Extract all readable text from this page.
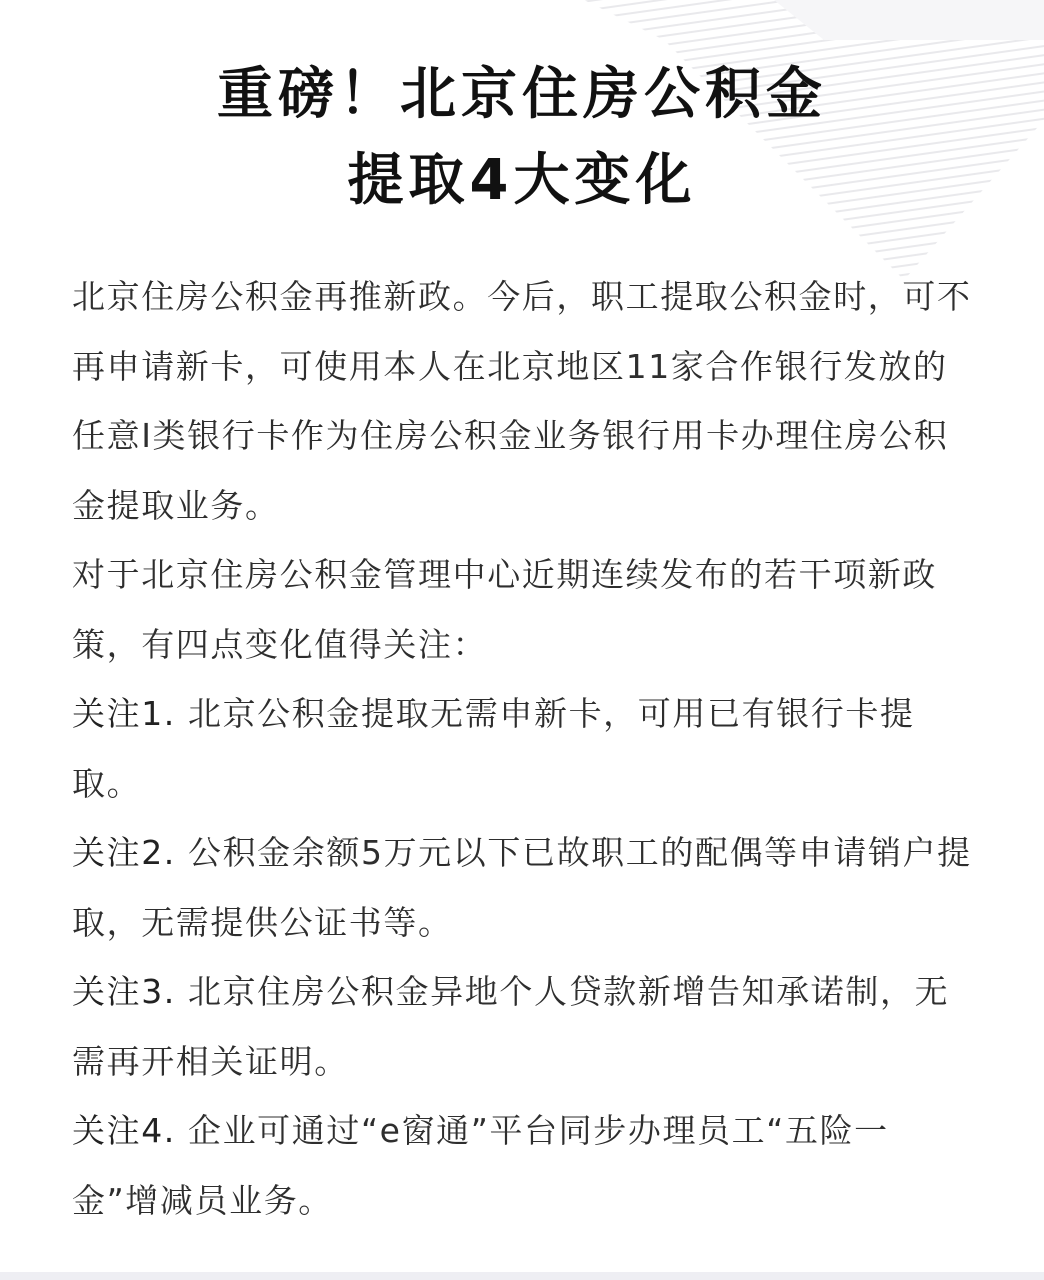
重磅！北京住房公积金
提取4大变化

北京住房公积金再推新政。今后，职工提取公积金时，可不再申请新卡，可使用本人在北京地区11家合作银行发放的任意Ⅰ类银行卡作为住房公积金业务银行用卡办理住房公积金提取业务。

对于北京住房公积金管理中心近期连续发布的若干项新政策，有四点变化值得关注：

关注1. 北京公积金提取无需申新卡，可用已有银行卡提取。

关注2. 公积金余额5万元以下已故职工的配偶等申请销户提取，无需提供公证书等。

关注3. 北京住房公积金异地个人贷款新增告知承诺制，无需再开相关证明。

关注4. 企业可通过“e窗通”平台同步办理员工“五险一金”增减员业务。
